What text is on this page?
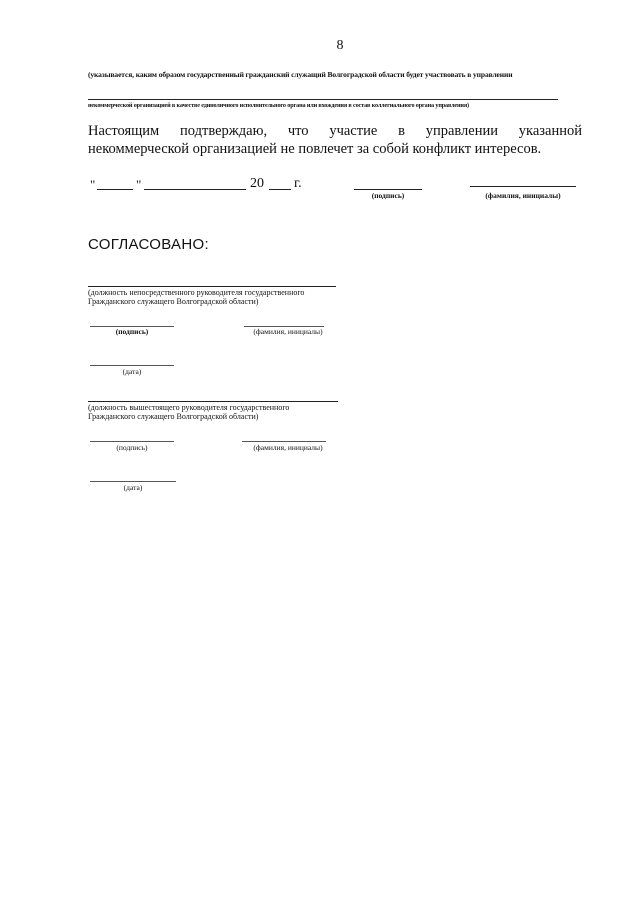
8
(указывается, каким образом государственный гражданский служащий Волгоградской области будет участвовать в управлении
некоммерческой организацией в качестве единоличного исполнительного органа или вхождения в состав коллегиального органа управления)
Настоящим подтверждаю, что участие в управлении указанной
некоммерческой организацией не повлечет за собой конфликт интересов.
"	"	20 г.
(подпись)	(фамилия, инициалы)
СОГЛАСОВАНО:
(должность непосредственного руководителя государственного
Гражданского служащего Волгоградской области)
(подпись)	(фамилия, инициалы)
(дата)
(должность вышестоящего руководителя государственного
Гражданского служащего Волгоградской области)
(подпись)	(фамилия, инициалы)
(дата)
